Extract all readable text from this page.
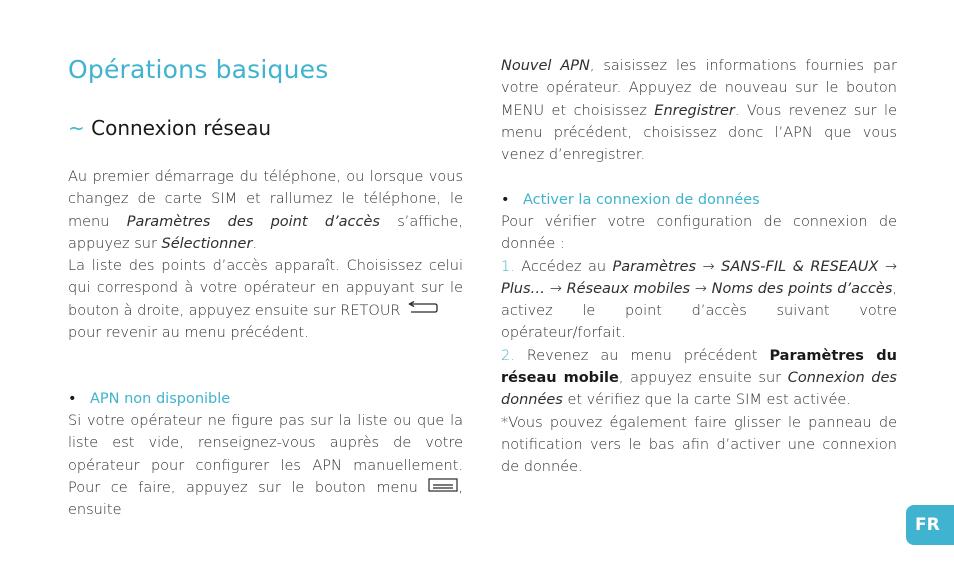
Opérations basiques
~ Connexion réseau

Au premier démarrage du téléphone, ou lorsque vous changez de carte SIM et rallumez le téléphone, le menu Paramètres des point d’accès s’affiche, appuyez sur Sélectionner.
La liste des points d’accès apparaît. Choisissez celui qui correspond à votre opérateur en appuyant sur le bouton à droite, appuyez ensuite sur RETOUR
pour revenir au menu précédent.

• APN non disponible

Si votre opérateur ne figure pas sur la liste ou que la liste est vide, renseignez-vous auprès de votre opérateur pour configurer les APN manuellement. Pour ce faire, appuyez sur le bouton menu	, ensuite

Nouvel APN, saisissez les informations fournies par votre opérateur. Appuyez de nouveau sur le bouton MENU et choisissez Enregistrer. Vous revenez sur le menu précédent, choisissez donc l’APN que vous venez d’enregistrer.

• Activer la connexion de données

Pour vérifier votre configuration de connexion de donnée :
1. Accédez au Paramètres → SANS-FIL & RESEAUX → Plus… → Réseaux mobiles → Noms des points d’accès, activez le point d’accès suivant votre opérateur/forfait.
2. Revenez au menu précédent Paramètres du réseau mobile, appuyez ensuite sur Connexion des données et vérifiez que la carte SIM est activée.
*Vous pouvez également faire glisser le panneau de notification vers le bas afin d’activer une connexion de donnée.

FR
